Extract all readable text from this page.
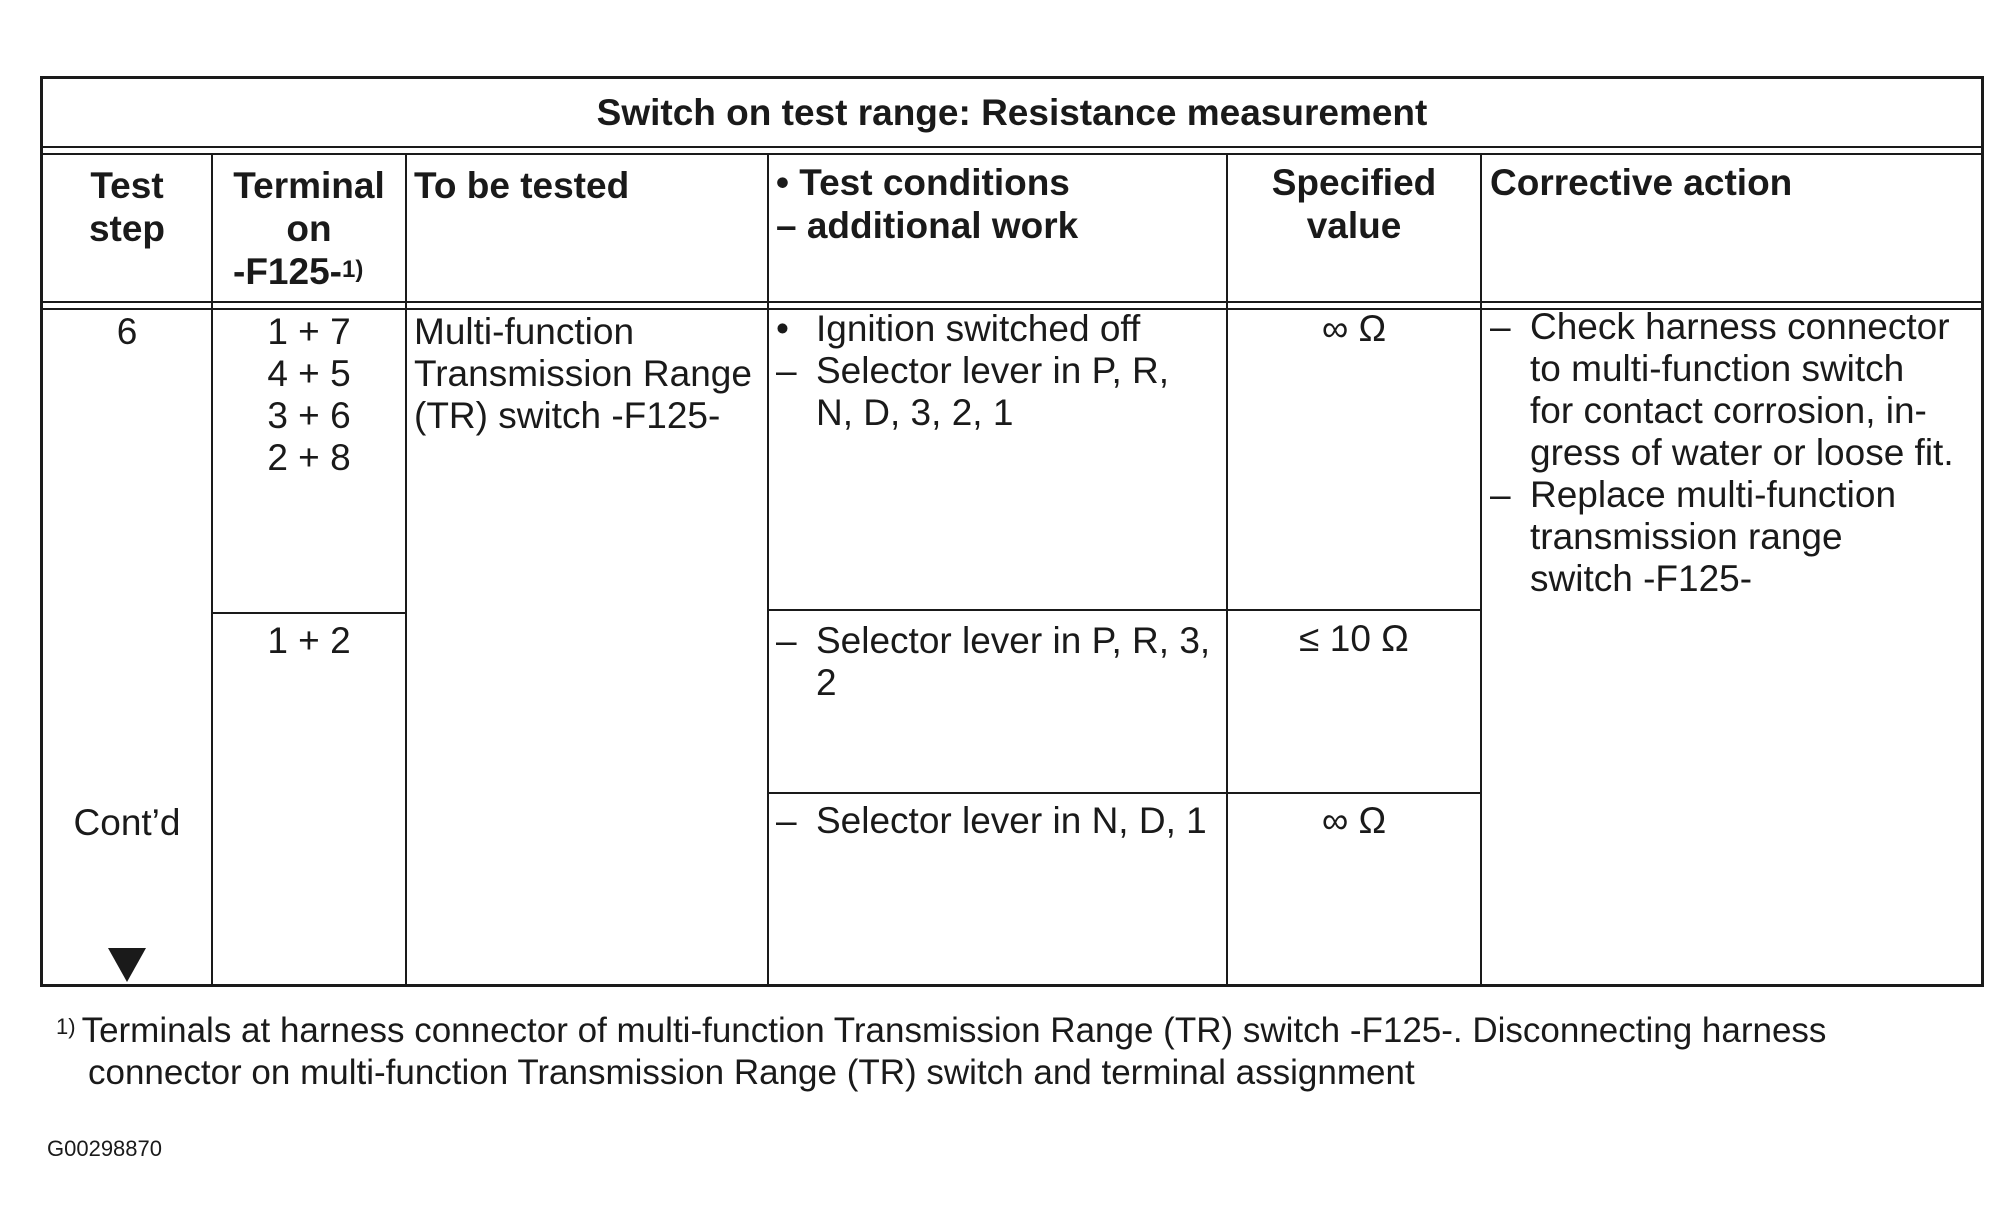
Switch on test range: Resistance measurement
Test
step
Terminal
on
-F125-$^{1)}$
To be tested	• Test conditions
– additional work
Specified
value
Corrective action
6
Cont’d
1 + 7
4 + 5
3 + 6
2 + 8
1 + 2
Multi-function
Transmission Range
(TR) switch -F125-
• Ignition switched off
– Selector lever in P, R,
N, D, 3, 2, 1
∞ Ω
– Selector lever in P, R, 3,
2
≤ 10 Ω
– Selector lever in N, D, 1	∞ Ω
– Check harness connector
to multi-function switch
for contact corrosion, in-
gress of water or loose fit.
– Replace multi-function
transmission range
switch -F125-
$^{1)}$ Terminals at harness connector of multi-function Transmission Range (TR) switch -F125-. Disconnecting harness
connector on multi-function Transmission Range (TR) switch and terminal assignment
G00298870
